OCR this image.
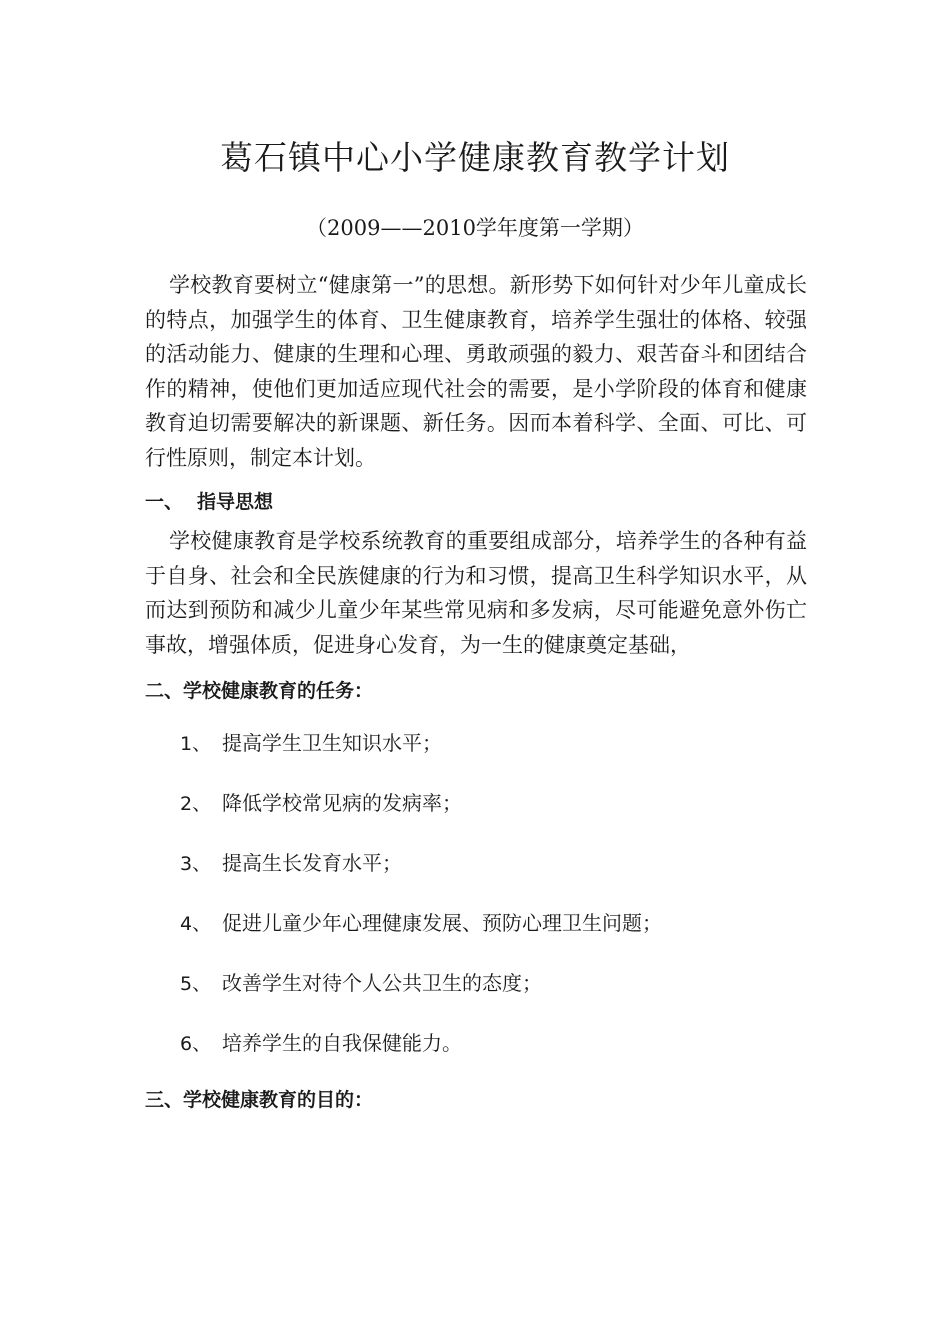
葛石镇中心小学健康教育教学计划

（2009——2010学年度第一学期）

学校教育要树立“健康第一”的思想。新形势下如何针对少年儿童成长的特点，加强学生的体育、卫生健康教育，培养学生强壮的体格、较强的活动能力、健康的生理和心理、勇敢顽强的毅力、艰苦奋斗和团结合作的精神，使他们更加适应现代社会的需要，是小学阶段的体育和健康教育迫切需要解决的新课题、新任务。因而本着科学、全面、可比、可行性原则，制定本计划。

一、 指导思想

学校健康教育是学校系统教育的重要组成部分，培养学生的各种有益于自身、社会和全民族健康的行为和习惯，提高卫生科学知识水平，从而达到预防和减少儿童少年某些常见病和多发病，尽可能避免意外伤亡事故，增强体质，促进身心发育，为一生的健康奠定基础，

二、学校健康教育的任务：
1、 提高学生卫生知识水平；
2、 降低学校常见病的发病率；
3、 提高生长发育水平；
4、 促进儿童少年心理健康发展、预防心理卫生问题；
5、 改善学生对待个人公共卫生的态度；
6、 培养学生的自我保健能力。
三、学校健康教育的目的：
